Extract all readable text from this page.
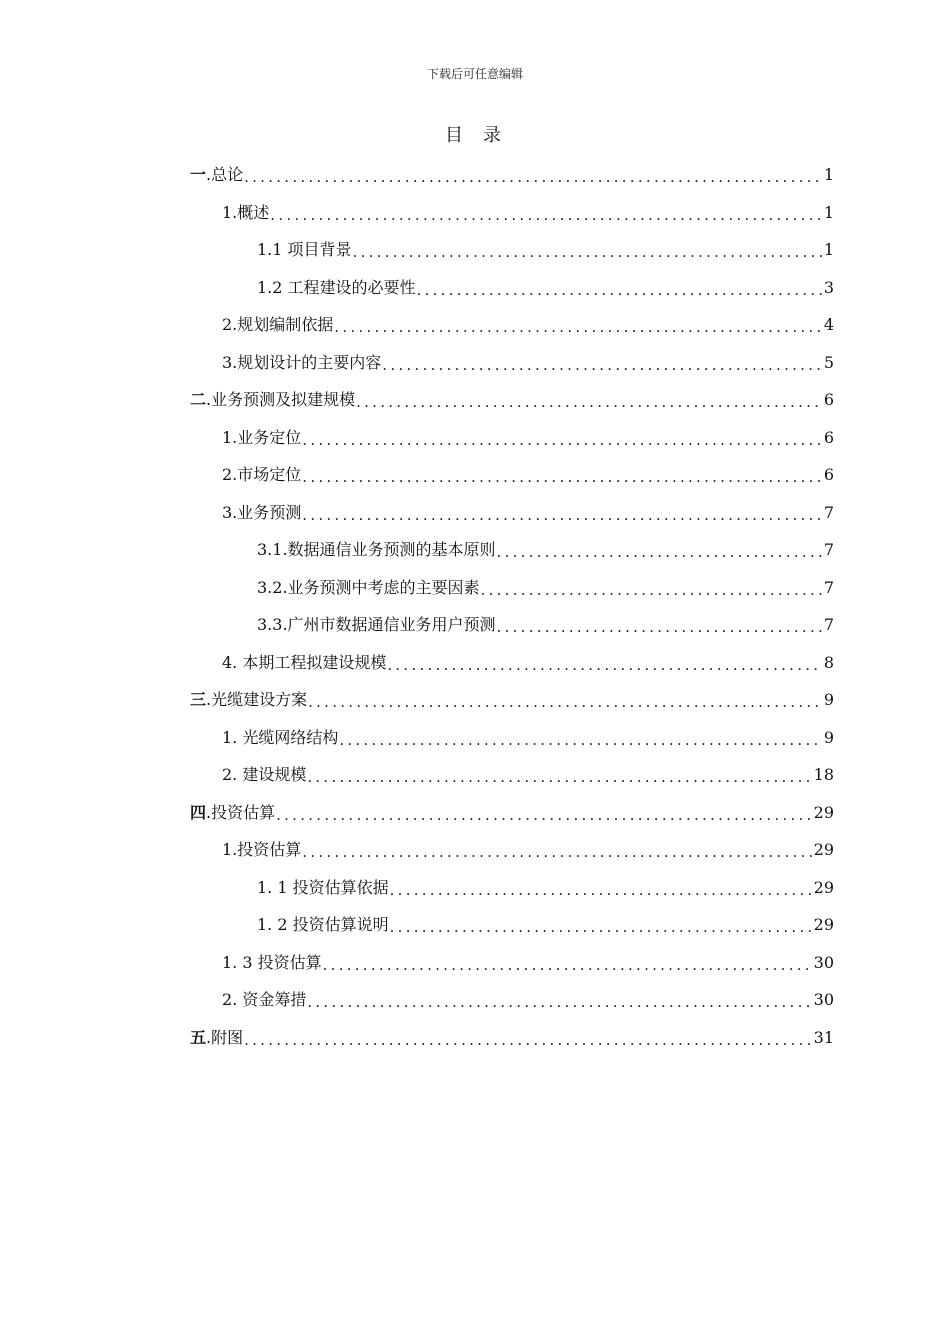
下载后可任意编辑
目 录
一.总论 . . .	1
1.概述 . . .	1
1.1 项目背景 . . .	1
1.2 工程建设的必要性 . . .	3
2.规划编制依据 . . .	4
3.规划设计的主要内容 . . .	5
二.业务预测及拟建规模 . . .	6
1.业务定位 . . .	6
2.市场定位 . . .	6
3.业务预测 . . .	7
3.1.数据通信业务预测的基本原则 . . .	7
3.2.业务预测中考虑的主要因素 . . .	7
3.3.广州市数据通信业务用户预测 . . .	7
4. 本期工程拟建设规模 . . .	8
三.光缆建设方案 . . .	9
1. 光缆网络结构 . . .	9
2. 建设规模 . . .	18
四.投资估算 . . .	29
1.投资估算 . . .	29
1. 1 投资估算依据 . . .	29
1. 2 投资估算说明 . . .	29
1. 3 投资估算 . . .	30
2. 资金筹措 . . .	30
五.附图 . . .	31
